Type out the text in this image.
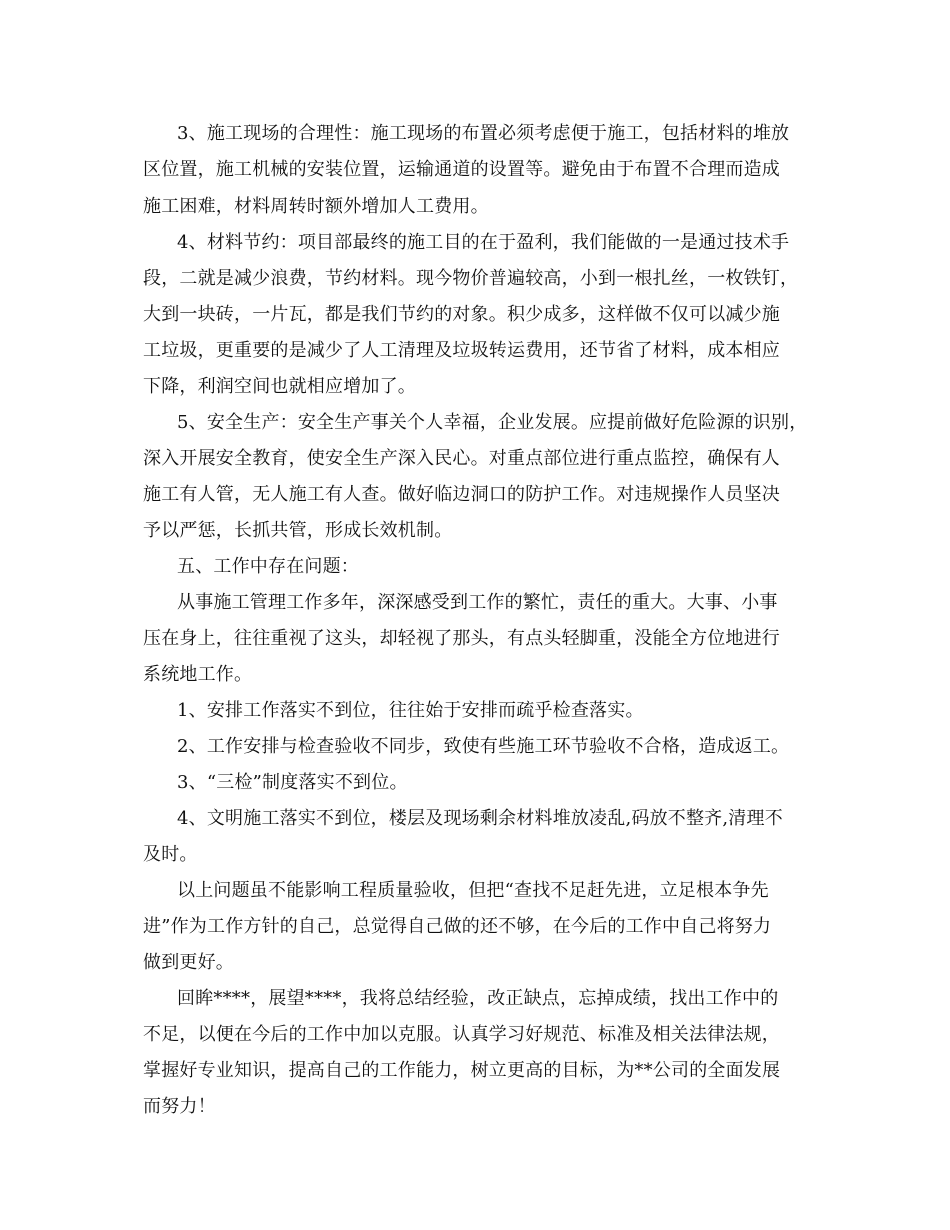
3、施工现场的合理性：施工现场的布置必须考虑便于施工，包括材料的堆放
区位置，施工机械的安装位置，运输通道的设置等。避免由于布置不合理而造成
施工困难，材料周转时额外增加人工费用。
4、材料节约：项目部最终的施工目的在于盈利，我们能做的一是通过技术手
段，二就是减少浪费，节约材料。现今物价普遍较高，小到一根扎丝，一枚铁钉，
大到一块砖，一片瓦，都是我们节约的对象。积少成多，这样做不仅可以减少施
工垃圾，更重要的是减少了人工清理及垃圾转运费用，还节省了材料，成本相应
下降，利润空间也就相应增加了。
5、安全生产：安全生产事关个人幸福，企业发展。应提前做好危险源的识别，
深入开展安全教育，使安全生产深入民心。对重点部位进行重点监控，确保有人
施工有人管，无人施工有人查。做好临边洞口的防护工作。对违规操作人员坚决
予以严惩，长抓共管，形成长效机制。
五、工作中存在问题：
从事施工管理工作多年，深深感受到工作的繁忙，责任的重大。大事、小事
压在身上，往往重视了这头，却轻视了那头，有点头轻脚重，没能全方位地进行
系统地工作。
1、安排工作落实不到位，往往始于安排而疏乎检查落实。
2、工作安排与检查验收不同步，致使有些施工环节验收不合格，造成返工。
3、“三检”制度落实不到位。
4、文明施工落实不到位，楼层及现场剩余材料堆放凌乱,码放不整齐,清理不
及时。
以上问题虽不能影响工程质量验收，但把“查找不足赶先进，立足根本争先
进”作为工作方针的自己，总觉得自己做的还不够，在今后的工作中自己将努力
做到更好。
回眸****，展望****，我将总结经验，改正缺点，忘掉成绩，找出工作中的
不足，以便在今后的工作中加以克服。认真学习好规范、标准及相关法律法规，
掌握好专业知识，提高自己的工作能力，树立更高的目标，为**公司的全面发展
而努力！
